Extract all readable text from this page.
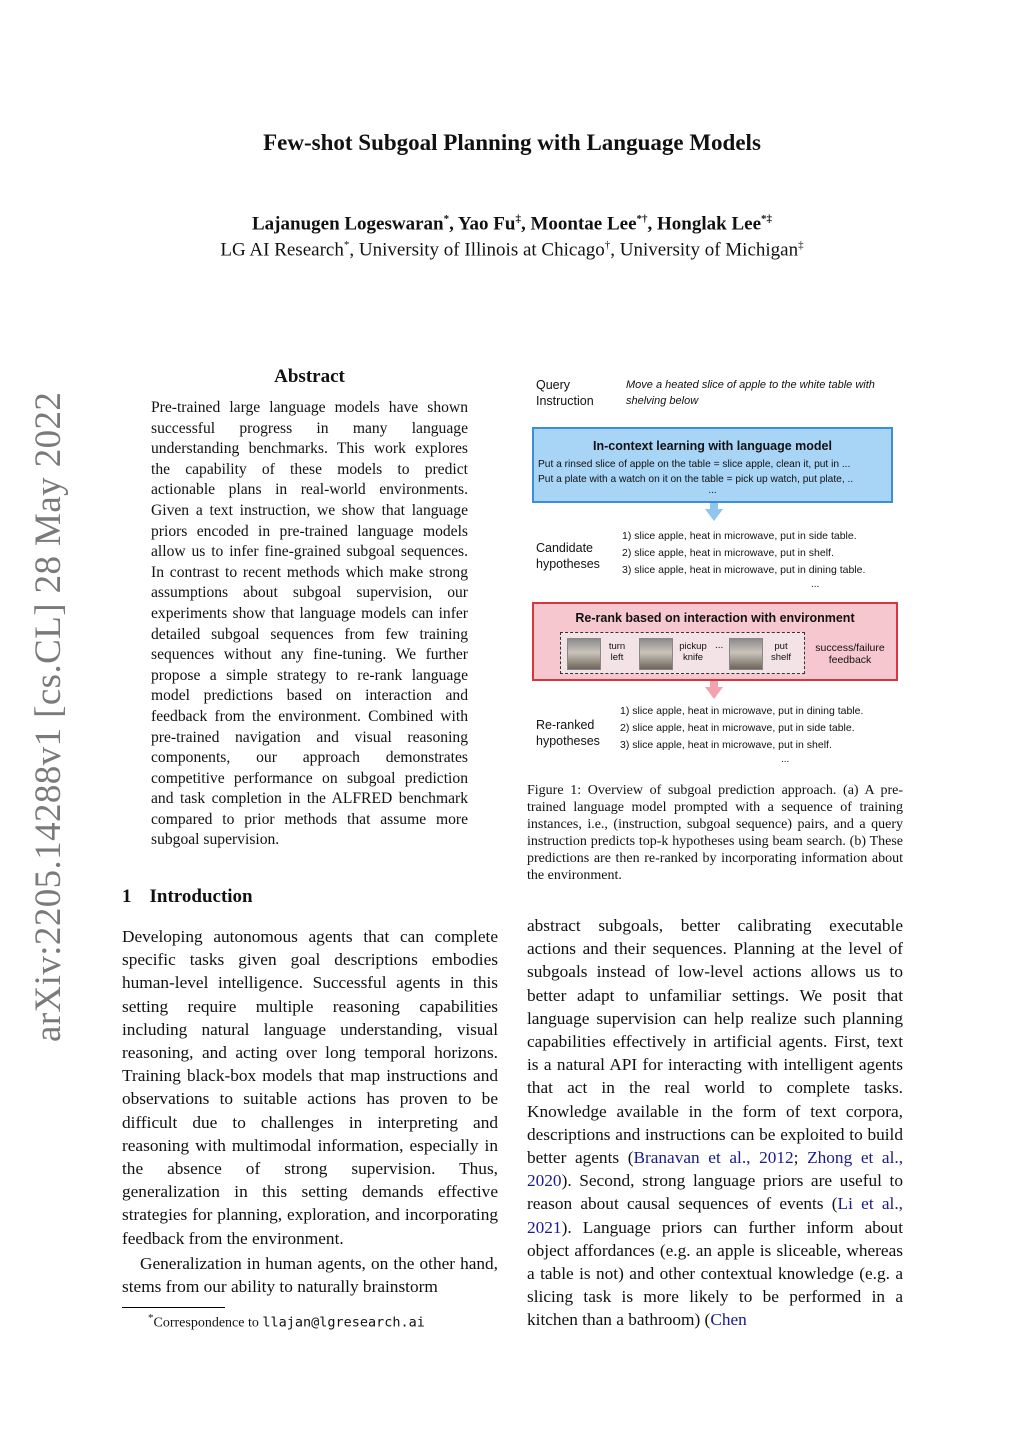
arXiv:2205.14288v1 [cs.CL] 28 May 2022
Few-shot Subgoal Planning with Language Models
Lajanugen Logeswaran*, Yao Fu‡, Moontae Lee*†, Honglak Lee*‡
LG AI Research*, University of Illinois at Chicago†, University of Michigan‡
Abstract
Pre-trained large language models have shown successful progress in many language understanding benchmarks. This work explores the capability of these models to predict actionable plans in real-world environments. Given a text instruction, we show that language priors encoded in pre-trained language models allow us to infer fine-grained subgoal sequences. In contrast to recent methods which make strong assumptions about subgoal supervision, our experiments show that language models can infer detailed subgoal sequences from few training sequences without any fine-tuning. We further propose a simple strategy to re-rank language model predictions based on interaction and feedback from the environment. Combined with pre-trained navigation and visual reasoning components, our approach demonstrates competitive performance on subgoal prediction and task completion in the ALFRED benchmark compared to prior methods that assume more subgoal supervision.
1 Introduction
Developing autonomous agents that can complete specific tasks given goal descriptions embodies human-level intelligence. Successful agents in this setting require multiple reasoning capabilities including natural language understanding, visual reasoning, and acting over long temporal horizons. Training black-box models that map instructions and observations to suitable actions has proven to be difficult due to challenges in interpreting and reasoning with multimodal information, especially in the absence of strong supervision. Thus, generalization in this setting demands effective strategies for planning, exploration, and incorporating feedback from the environment.
Generalization in human agents, on the other hand, stems from our ability to naturally brainstorm
*Correspondence to llajan@lgresearch.ai
Query Instruction
Move a heated slice of apple to the white table with shelving below
In-context learning with language model
Put a rinsed slice of apple on the table = slice apple, clean it, put in ...
Put a plate with a watch on it on the table = pick up watch, put plate, ..
...
Candidate hypotheses
1) slice apple, heat in microwave, put in side table.
2) slice apple, heat in microwave, put in shelf.
3) slice apple, heat in microwave, put in dining table.
...
Re-rank based on interaction with environment
turn
left
pickup
knife
...	put
shelf
success/failure feedback
Re-ranked hypotheses
1) slice apple, heat in microwave, put in dining table.
2) slice apple, heat in microwave, put in side table.
3) slice apple, heat in microwave, put in shelf.
...
Figure 1: Overview of subgoal prediction approach. (a) A pre-trained language model prompted with a sequence of training instances, i.e., (instruction, subgoal sequence) pairs, and a query instruction predicts top-k hypotheses using beam search. (b) These predictions are then re-ranked by incorporating information about the environment.
abstract subgoals, better calibrating executable actions and their sequences. Planning at the level of subgoals instead of low-level actions allows us to better adapt to unfamiliar settings. We posit that language supervision can help realize such planning capabilities effectively in artificial agents. First, text is a natural API for interacting with intelligent agents that act in the real world to complete tasks. Knowledge available in the form of text corpora, descriptions and instructions can be exploited to build better agents (Branavan et al., 2012; Zhong et al., 2020). Second, strong language priors are useful to reason about causal sequences of events (Li et al., 2021). Language priors can further inform about object affordances (e.g. an apple is sliceable, whereas a table is not) and other contextual knowledge (e.g. a slicing task is more likely to be performed in a kitchen than a bathroom) (Chen
